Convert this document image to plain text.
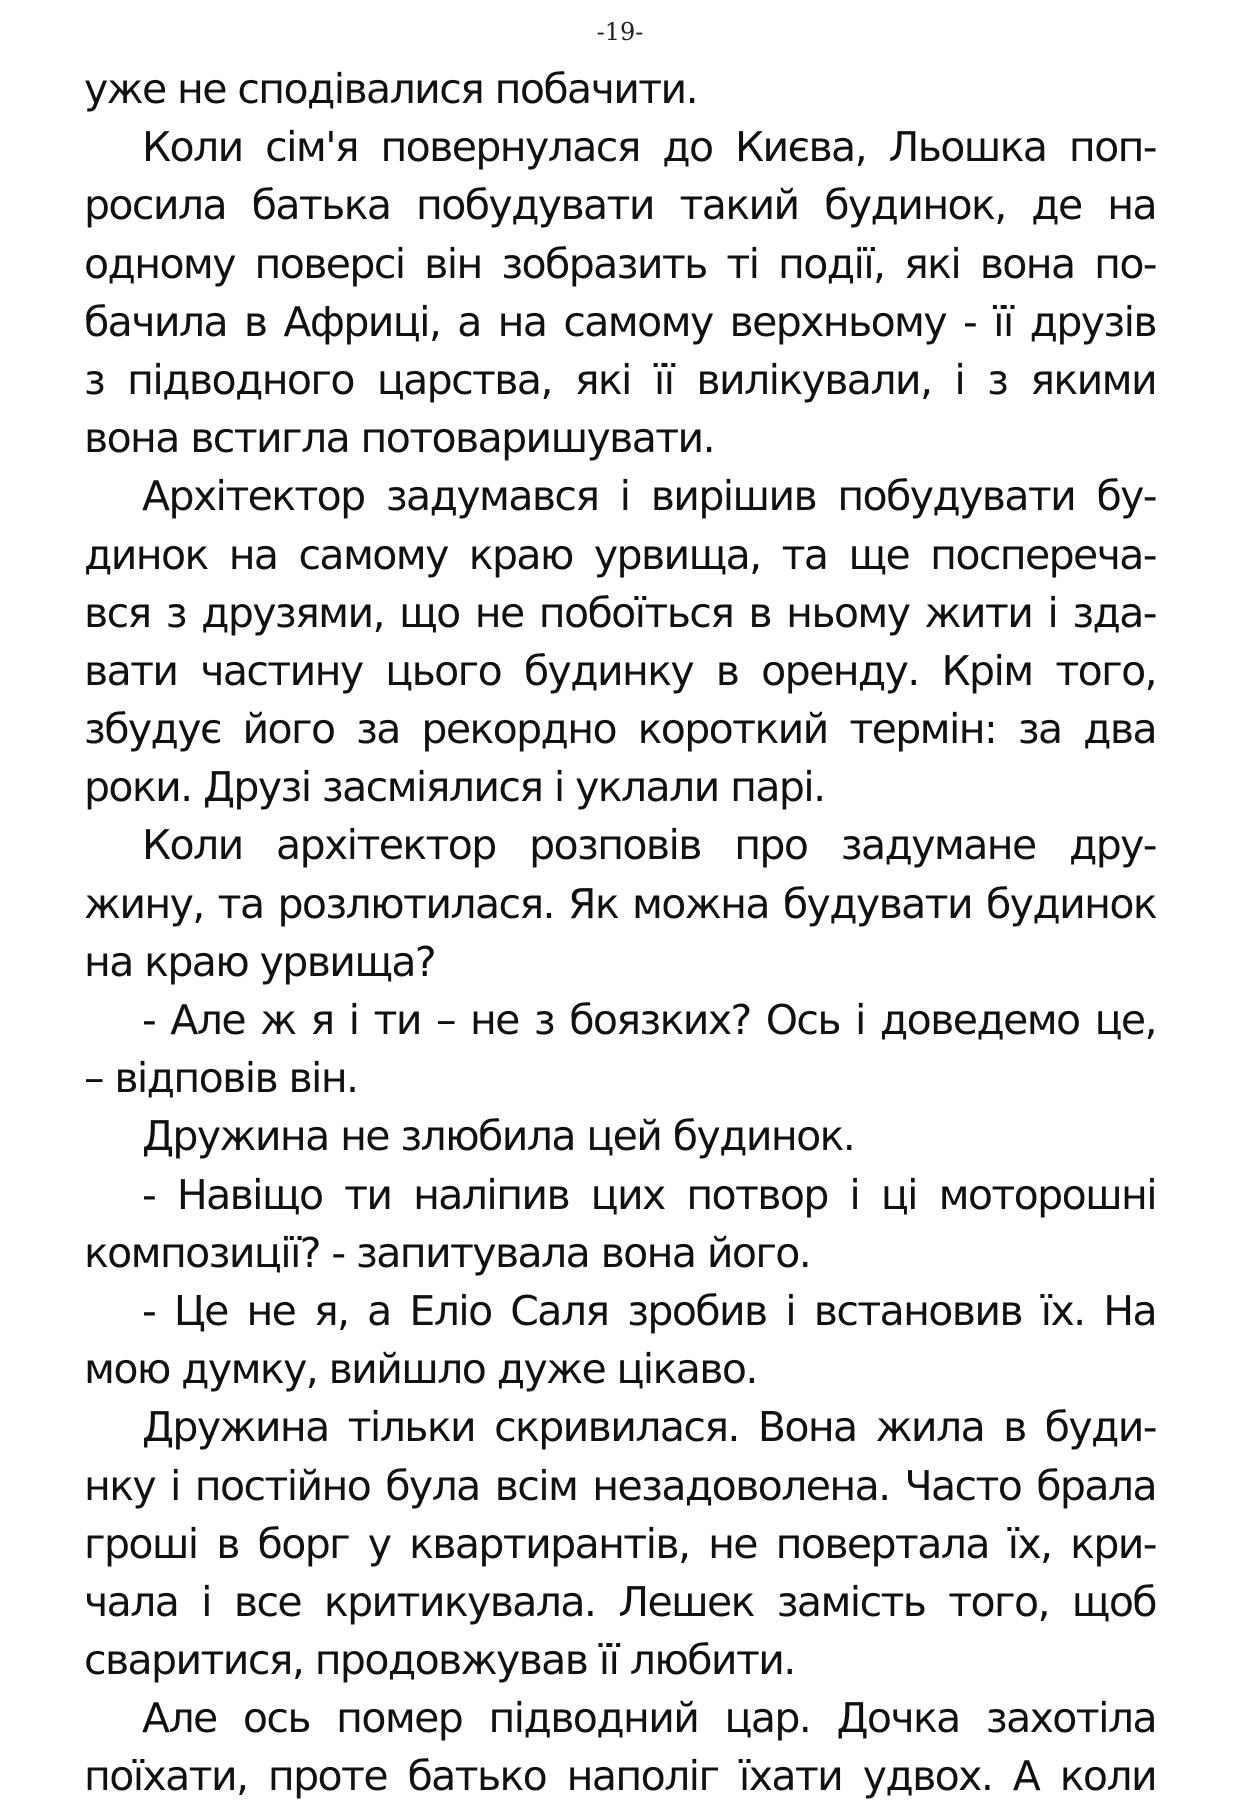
-19-
уже не сподівалися побачити.
Коли сім'я повернулася до Києва, Льошка поп-
росила батька побудувати такий будинок, де на
одному поверсі він зобразить ті події, які вона по-
бачила в Африці, а на самому верхньому - її друзів
з підводного царства, які її вилікували, і з якими
вона встигла потоваришувати.
Архітектор задумався і вирішив побудувати бу-
динок на самому краю урвища, та ще посперечa-
вся з друзями, що не побоїться в ньому жити і зда-
вати частину цього будинку в оренду. Крім того,
збудує його за рекордно короткий термін: за два
роки. Друзі засміялися і уклали парі.
Коли архітектор розповів про задумане дру-
жину, та розлютилася. Як можна будувати будинок
на краю урвища?
- Але ж я і ти – не з боязких? Ось і доведемо це,
– відповів він.
Дружина не злюбила цей будинок.
- Навіщо ти наліпив цих потвор і ці моторошні
композиції? - запитувала вона його.
- Це не я, а Еліо Саля зробив і встановив їх. На
мою думку, вийшло дуже цікаво.
Дружина тільки скривилася. Вона жила в буди-
нку і постійно була всім незадоволена. Часто брала
гроші в борг у квартирантів, не повертала їх, кри-
чала і все критикувала. Лешек замість того, щоб
сваритися, продовжував її любити.
Але ось помер підводний цар. Дочка захотіла
поїхати, проте батько наполіг їхати удвох. А коли
